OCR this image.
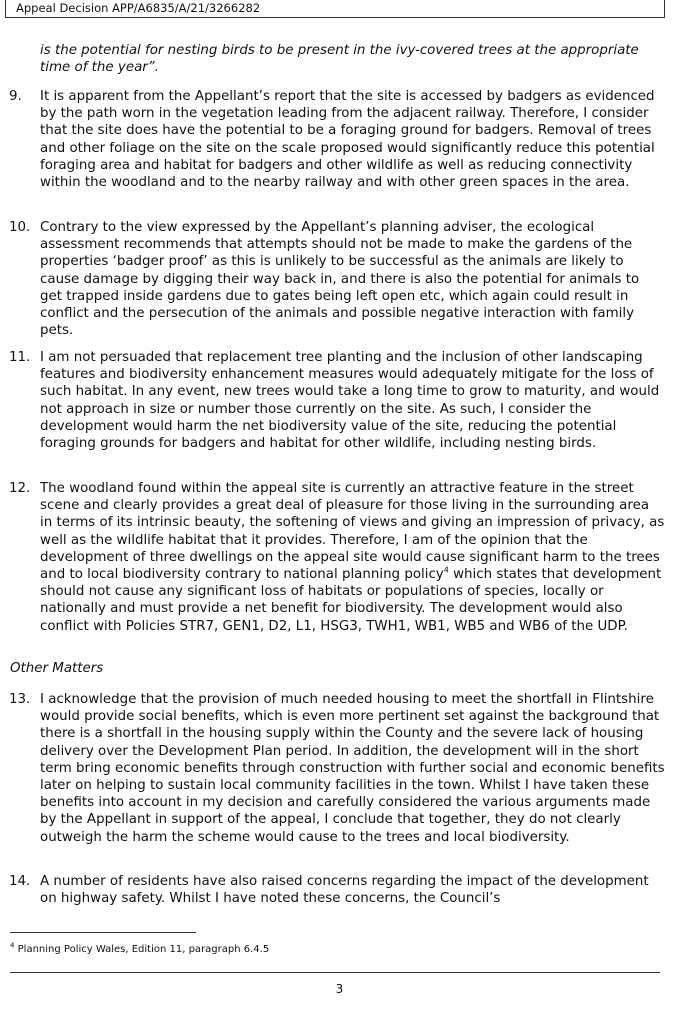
Appeal Decision APP/A6835/A/21/3266282

is the potential for nesting birds to be present in the ivy-covered trees at the appropriate time of the year”.

9. It is apparent from the Appellant’s report that the site is accessed by badgers as evidenced by the path worn in the vegetation leading from the adjacent railway. Therefore, I consider that the site does have the potential to be a foraging ground for badgers. Removal of trees and other foliage on the site on the scale proposed would significantly reduce this potential foraging area and habitat for badgers and other wildlife as well as reducing connectivity within the woodland and to the nearby railway and with other green spaces in the area.

10. Contrary to the view expressed by the Appellant’s planning adviser, the ecological assessment recommends that attempts should not be made to make the gardens of the properties ‘badger proof’ as this is unlikely to be successful as the animals are likely to cause damage by digging their way back in, and there is also the potential for animals to get trapped inside gardens due to gates being left open etc, which again could result in conflict and the persecution of the animals and possible negative interaction with family pets.

11. I am not persuaded that replacement tree planting and the inclusion of other landscaping features and biodiversity enhancement measures would adequately mitigate for the loss of such habitat. In any event, new trees would take a long time to grow to maturity, and would not approach in size or number those currently on the site. As such, I consider the development would harm the net biodiversity value of the site, reducing the potential foraging grounds for badgers and habitat for other wildlife, including nesting birds.

12. The woodland found within the appeal site is currently an attractive feature in the street scene and clearly provides a great deal of pleasure for those living in the surrounding area in terms of its intrinsic beauty, the softening of views and giving an impression of privacy, as well as the wildlife habitat that it provides. Therefore, I am of the opinion that the development of three dwellings on the appeal site would cause significant harm to the trees and to local biodiversity contrary to national planning policy$^4$ which states that development should not cause any significant loss of habitats or populations of species, locally or nationally and must provide a net benefit for biodiversity. The development would also conflict with Policies STR7, GEN1, D2, L1, HSG3, TWH1, WB1, WB5 and WB6 of the UDP.

Other Matters
13. I acknowledge that the provision of much needed housing to meet the shortfall in Flintshire would provide social benefits, which is even more pertinent set against the background that there is a shortfall in the housing supply within the County and the severe lack of housing delivery over the Development Plan period. In addition, the development will in the short term bring economic benefits through construction with further social and economic benefits later on helping to sustain local community facilities in the town. Whilst I have taken these benefits into account in my decision and carefully considered the various arguments made by the Appellant in support of the appeal, I conclude that together, they do not clearly outweigh the harm the scheme would cause to the trees and local biodiversity.

14. A number of residents have also raised concerns regarding the impact of the development on highway safety. Whilst I have noted these concerns, the Council’s

$^4$ Planning Policy Wales, Edition 11, paragraph 6.4.5
3
